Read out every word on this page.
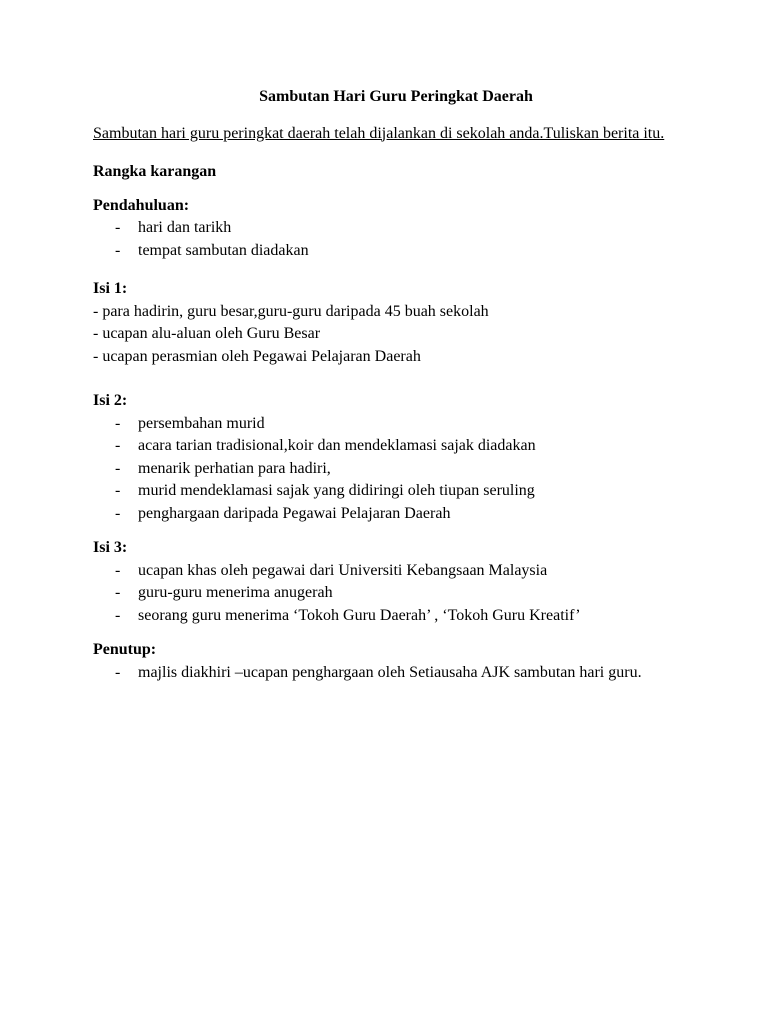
Sambutan Hari Guru Peringkat Daerah

Sambutan hari guru peringkat daerah telah dijalankan di sekolah anda.Tuliskan berita itu.

Rangka karangan

Pendahuluan:

- hari dan tarikh
- tempat sambutan diadakan

Isi 1:

- para hadirin, guru besar,guru-guru daripada 45 buah sekolah

- ucapan alu-aluan oleh Guru Besar

- ucapan perasmian oleh Pegawai Pelajaran Daerah

Isi 2:

- persembahan murid
- acara tarian tradisional,koir dan mendeklamasi sajak diadakan
- menarik perhatian para hadiri,
- murid mendeklamasi sajak yang didiringi oleh tiupan seruling
- penghargaan daripada Pegawai Pelajaran Daerah

Isi 3:

- ucapan khas oleh pegawai dari Universiti Kebangsaan Malaysia
- guru-guru menerima anugerah
- seorang guru menerima ‘Tokoh Guru Daerah’ , ‘Tokoh Guru Kreatif’

Penutup:

- majlis diakhiri –ucapan penghargaan oleh Setiausaha AJK sambutan hari guru.
